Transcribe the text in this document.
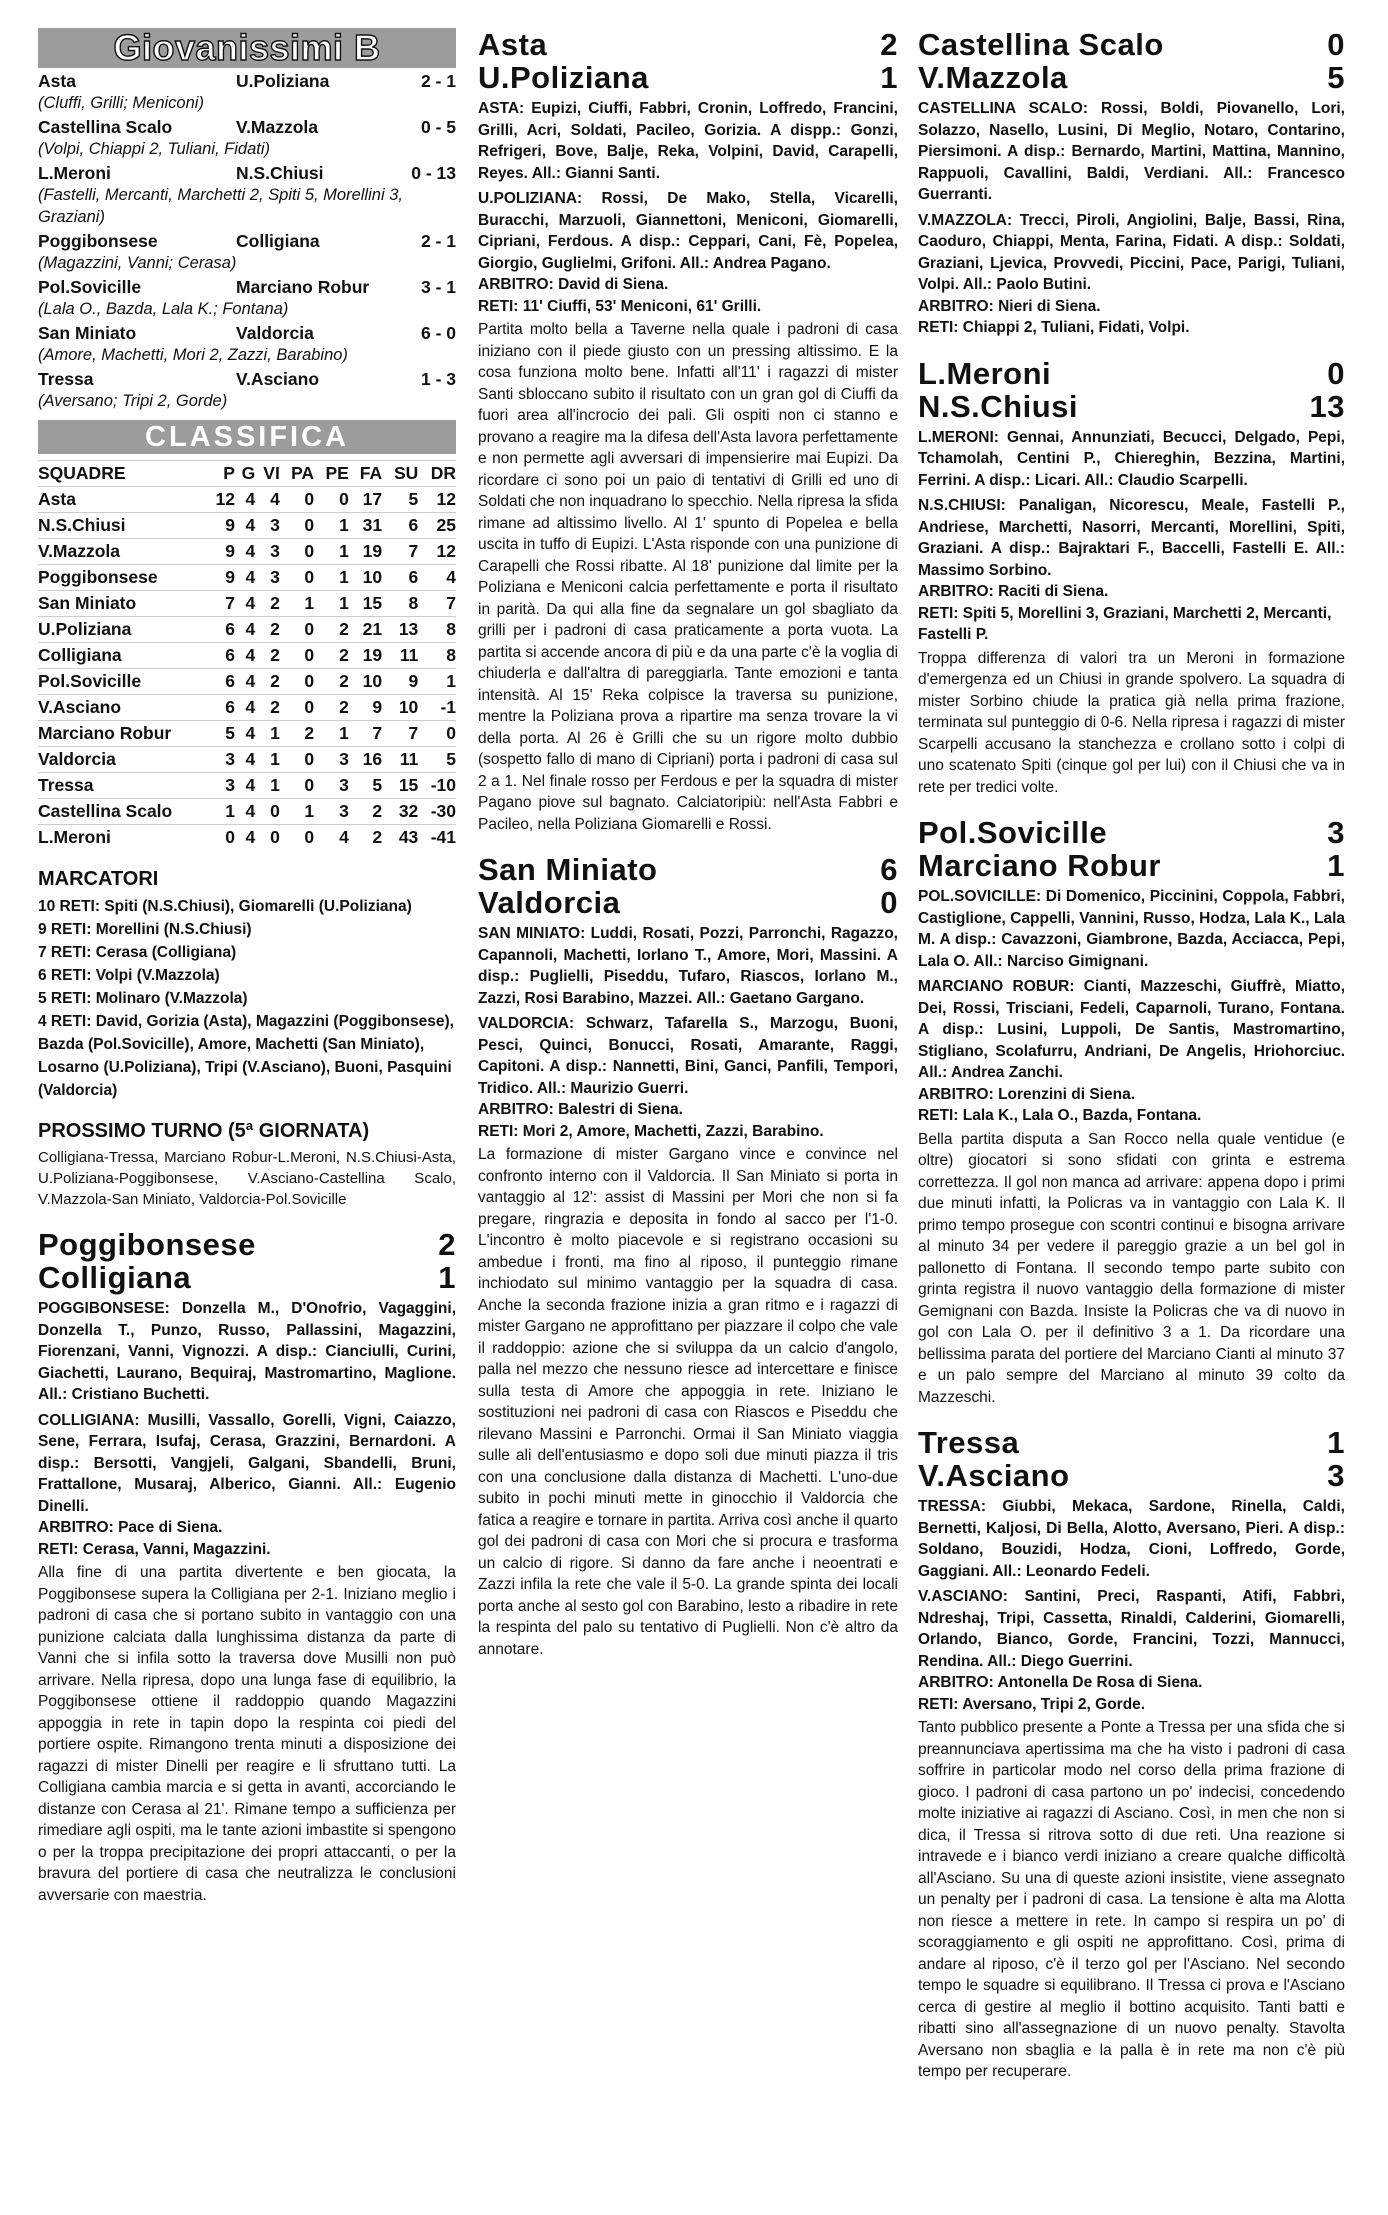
Giovanissimi B
Asta	U.Poliziana	2 - 1
(Cluffi, Grilli; Meniconi)
Castellina Scalo	V.Mazzola	0 - 5
(Volpi, Chiappi 2, Tuliani, Fidati)
L.Meroni	N.S.Chiusi	0 - 13
(Fastelli, Mercanti, Marchetti 2, Spiti 5, Morellini 3, Graziani)
Poggibonsese	Colligiana	2 - 1
(Magazzini, Vanni; Cerasa)
Pol.Sovicille	Marciano Robur	3 - 1
(Lala O., Bazda, Lala K.; Fontana)
San Miniato	Valdorcia	6 - 0
(Amore, Machetti, Mori 2, Zazzi, Barabino)
Tressa	V.Asciano	1 - 3
(Aversano; Tripi 2, Gorde)
CLASSIFICA
SQUADRE	P	G	VI	PA	PE	FA	SU	DR
Asta	12	4	4	0	0	17	5	12
N.S.Chiusi	9	4	3	0	1	31	6	25
V.Mazzola	9	4	3	0	1	19	7	12
Poggibonsese	9	4	3	0	1	10	6	4
San Miniato	7	4	2	1	1	15	8	7
U.Poliziana	6	4	2	0	2	21	13	8
Colligiana	6	4	2	0	2	19	11	8
Pol.Sovicille	6	4	2	0	2	10	9	1
V.Asciano	6	4	2	0	2	9	10	-1
Marciano Robur	5	4	1	2	1	7	7	0
Valdorcia	3	4	1	0	3	16	11	5
Tressa	3	4	1	0	3	5	15	-10
Castellina Scalo	1	4	0	1	3	2	32	-30
L.Meroni	0	4	0	0	4	2	43	-41
MARCATORI
10 RETI: Spiti (N.S.Chiusi), Giomarelli (U.Poliziana)
9 RETI: Morellini (N.S.Chiusi)
7 RETI: Cerasa (Colligiana)
6 RETI: Volpi (V.Mazzola)
5 RETI: Molinaro (V.Mazzola)
4 RETI: David, Gorizia (Asta), Magazzini (Poggibonsese), Bazda (Pol.Sovicille), Amore, Machetti (San Miniato), Losarno (U.Poliziana), Tripi (V.Asciano), Buoni, Pasquini (Valdorcia)
PROSSIMO TURNO (5ª GIORNATA)
Colligiana-Tressa, Marciano Robur-L.Meroni, N.S.Chiusi-Asta, U.Poliziana-Poggibonsese, V.Asciano-Castellina Scalo, V.Mazzola-San Miniato, Valdorcia-Pol.Sovicille
Poggibonsese	2
Colligiana	1
POGGIBONSESE: Donzella M., D'Onofrio, Vagaggini, Donzella T., Punzo, Russo, Pallassini, Magazzini, Fiorenzani, Vanni, Vignozzi. A disp.: Cianciulli, Curini, Giachetti, Laurano, Bequiraj, Mastromartino, Maglione. All.: Cristiano Buchetti.
COLLIGIANA: Musilli, Vassallo, Gorelli, Vigni, Caiazzo, Sene, Ferrara, Isufaj, Cerasa, Grazzini, Bernardoni. A disp.: Bersotti, Vangjeli, Galgani, Sbandelli, Bruni, Frattallone, Musaraj, Alberico, Gianni. All.: Eugenio Dinelli.
ARBITRO: Pace di Siena.
RETI: Cerasa, Vanni, Magazzini.
Alla fine di una partita divertente e ben giocata, la Poggibonsese supera la Colligiana per 2-1. Iniziano meglio i padroni di casa che si portano subito in vantaggio con una punizione calciata dalla lunghissima distanza da parte di Vanni che si infila sotto la traversa dove Musilli non può arrivare. Nella ripresa, dopo una lunga fase di equilibrio, la Poggibonsese ottiene il raddoppio quando Magazzini appoggia in rete in tapin dopo la respinta coi piedi del portiere ospite. Rimangono trenta minuti a disposizione dei ragazzi di mister Dinelli per reagire e li sfruttano tutti. La Colligiana cambia marcia e si getta in avanti, accorciando le distanze con Cerasa al 21'. Rimane tempo a sufficienza per rimediare agli ospiti, ma le tante azioni imbastite si spengono o per la troppa precipitazione dei propri attaccanti, o per la bravura del portiere di casa che neutralizza le conclusioni avversarie con maestria.
Asta	2
U.Poliziana	1
ASTA: Eupizi, Ciuffi, Fabbri, Cronin, Loffredo, Francini, Grilli, Acri, Soldati, Pacileo, Gorizia. A dispp.: Gonzi, Refrigeri, Bove, Balje, Reka, Volpini, David, Carapelli, Reyes. All.: Gianni Santi.
U.POLIZIANA: Rossi, De Mako, Stella, Vicarelli, Buracchi, Marzuoli, Giannettoni, Meniconi, Giomarelli, Cipriani, Ferdous. A disp.: Ceppari, Cani, Fè, Popelea, Giorgio, Guglielmi, Grifoni. All.: Andrea Pagano.
ARBITRO: David di Siena.
RETI: 11' Ciuffi, 53' Meniconi, 61' Grilli.
Partita molto bella a Taverne nella quale i padroni di casa iniziano con il piede giusto con un pressing altissimo. E la cosa funziona molto bene. Infatti all'11' i ragazzi di mister Santi sbloccano subito il risultato con un gran gol di Ciuffi da fuori area all'incrocio dei pali. Gli ospiti non ci stanno e provano a reagire ma la difesa dell'Asta lavora perfettamente e non permette agli avversari di impensierire mai Eupizi. Da ricordare ci sono poi un paio di tentativi di Grilli ed uno di Soldati che non inquadrano lo specchio. Nella ripresa la sfida rimane ad altissimo livello. Al 1' spunto di Popelea e bella uscita in tuffo di Eupizi. L'Asta risponde con una punizione di Carapelli che Rossi ribatte. Al 18' punizione dal limite per la Poliziana e Meniconi calcia perfettamente e porta il risultato in parità. Da qui alla fine da segnalare un gol sbagliato da grilli per i padroni di casa praticamente a porta vuota. La partita si accende ancora di più e da una parte c'è la voglia di chiuderla e dall'altra di pareggiarla. Tante emozioni e tanta intensità. Al 15' Reka colpisce la traversa su punizione, mentre la Poliziana prova a ripartire ma senza trovare la vi della porta. Al 26 è Grilli che su un rigore molto dubbio (sospetto fallo di mano di Cipriani) porta i padroni di casa sul 2 a 1. Nel finale rosso per Ferdous e per la squadra di mister Pagano piove sul bagnato. Calciatoripiù: nell'Asta Fabbri e Pacileo, nella Poliziana Giomarelli e Rossi.
San Miniato	6
Valdorcia	0
SAN MINIATO: Luddi, Rosati, Pozzi, Parronchi, Ragazzo, Capannoli, Machetti, Iorlano T., Amore, Mori, Massini. A disp.: Puglielli, Piseddu, Tufaro, Riascos, Iorlano M., Zazzi, Rosi Barabino, Mazzei. All.: Gaetano Gargano.
VALDORCIA: Schwarz, Tafarella S., Marzogu, Buoni, Pesci, Quinci, Bonucci, Rosati, Amarante, Raggi, Capitoni. A disp.: Nannetti, Bini, Ganci, Panfili, Tempori, Tridico. All.: Maurizio Guerri.
ARBITRO: Balestri di Siena.
RETI: Mori 2, Amore, Machetti, Zazzi, Barabino.
La formazione di mister Gargano vince e convince nel confronto interno con il Valdorcia. Il San Miniato si porta in vantaggio al 12': assist di Massini per Mori che non si fa pregare, ringrazia e deposita in fondo al sacco per l'1-0. L'incontro è molto piacevole e si registrano occasioni su ambedue i fronti, ma fino al riposo, il punteggio rimane inchiodato sul minimo vantaggio per la squadra di casa. Anche la seconda frazione inizia a gran ritmo e i ragazzi di mister Gargano ne approfittano per piazzare il colpo che vale il raddoppio: azione che si sviluppa da un calcio d'angolo, palla nel mezzo che nessuno riesce ad intercettare e finisce sulla testa di Amore che appoggia in rete. Iniziano le sostituzioni nei padroni di casa con Riascos e Piseddu che rilevano Massini e Parronchi. Ormai il San Miniato viaggia sulle ali dell'entusiasmo e dopo soli due minuti piazza il tris con una conclusione dalla distanza di Machetti. L'uno-due subito in pochi minuti mette in ginocchio il Valdorcia che fatica a reagire e tornare in partita. Arriva così anche il quarto gol dei padroni di casa con Mori che si procura e trasforma un calcio di rigore. Si danno da fare anche i neoentrati e Zazzi infila la rete che vale il 5-0. La grande spinta dei locali porta anche al sesto gol con Barabino, lesto a ribadire in rete la respinta del palo su tentativo di Puglielli. Non c'è altro da annotare.
Castellina Scalo	0
V.Mazzola	5
CASTELLINA SCALO: Rossi, Boldi, Piovanello, Lori, Solazzo, Nasello, Lusini, Di Meglio, Notaro, Contarino, Piersimoni. A disp.: Bernardo, Martini, Mattina, Mannino, Rappuoli, Cavallini, Baldi, Verdiani. All.: Francesco Guerranti.
V.MAZZOLA: Trecci, Piroli, Angiolini, Balje, Bassi, Rina, Caoduro, Chiappi, Menta, Farina, Fidati. A disp.: Soldati, Graziani, Ljevica, Provvedi, Piccini, Pace, Parigi, Tuliani, Volpi. All.: Paolo Butini.
ARBITRO: Nieri di Siena.
RETI: Chiappi 2, Tuliani, Fidati, Volpi.
L.Meroni	0
N.S.Chiusi	13
L.MERONI: Gennai, Annunziati, Becucci, Delgado, Pepi, Tchamolah, Centini P., Chiereghin, Bezzina, Martini, Ferrini. A disp.: Licari. All.: Claudio Scarpelli.
N.S.CHIUSI: Panaligan, Nicorescu, Meale, Fastelli P., Andriese, Marchetti, Nasorri, Mercanti, Morellini, Spiti, Graziani. A disp.: Bajraktari F., Baccelli, Fastelli E. All.: Massimo Sorbino.
ARBITRO: Raciti di Siena.
RETI: Spiti 5, Morellini 3, Graziani, Marchetti 2, Mercanti, Fastelli P.
Troppa differenza di valori tra un Meroni in formazione d'emergenza ed un Chiusi in grande spolvero. La squadra di mister Sorbino chiude la pratica già nella prima frazione, terminata sul punteggio di 0-6. Nella ripresa i ragazzi di mister Scarpelli accusano la stanchezza e crollano sotto i colpi di uno scatenato Spiti (cinque gol per lui) con il Chiusi che va in rete per tredici volte.
Pol.Sovicille	3
Marciano Robur	1
POL.SOVICILLE: Di Domenico, Piccinini, Coppola, Fabbri, Castiglione, Cappelli, Vannini, Russo, Hodza, Lala K., Lala M. A disp.: Cavazzoni, Giambrone, Bazda, Acciacca, Pepi, Lala O. All.: Narciso Gimignani.
MARCIANO ROBUR: Cianti, Mazzeschi, Giuffrè, Miatto, Dei, Rossi, Trisciani, Fedeli, Caparnoli, Turano, Fontana. A disp.: Lusini, Luppoli, De Santis, Mastromartino, Stigliano, Scolafurru, Andriani, De Angelis, Hriohorciuc. All.: Andrea Zanchi.
ARBITRO: Lorenzini di Siena.
RETI: Lala K., Lala O., Bazda, Fontana.
Bella partita disputa a San Rocco nella quale ventidue (e oltre) giocatori si sono sfidati con grinta e estrema correttezza. Il gol non manca ad arrivare: appena dopo i primi due minuti infatti, la Policras va in vantaggio con Lala K. Il primo tempo prosegue con scontri continui e bisogna arrivare al minuto 34 per vedere il pareggio grazie a un bel gol in pallonetto di Fontana. Il secondo tempo parte subito con grinta registra il nuovo vantaggio della formazione di mister Gemignani con Bazda. Insiste la Policras che va di nuovo in gol con Lala O. per il definitivo 3 a 1. Da ricordare una bellissima parata del portiere del Marciano Cianti al minuto 37 e un palo sempre del Marciano al minuto 39 colto da Mazzeschi.
Tressa	1
V.Asciano	3
TRESSA: Giubbi, Mekaca, Sardone, Rinella, Caldi, Bernetti, Kaljosi, Di Bella, Alotto, Aversano, Pieri. A disp.: Soldano, Bouzidi, Hodza, Cioni, Loffredo, Gorde, Gaggiani. All.: Leonardo Fedeli.
V.ASCIANO: Santini, Preci, Raspanti, Atifi, Fabbri, Ndreshaj, Tripi, Cassetta, Rinaldi, Calderini, Giomarelli, Orlando, Bianco, Gorde, Francini, Tozzi, Mannucci, Rendina. All.: Diego Guerrini.
ARBITRO: Antonella De Rosa di Siena.
RETI: Aversano, Tripi 2, Gorde.
Tanto pubblico presente a Ponte a Tressa per una sfida che si preannunciava apertissima ma che ha visto i padroni di casa soffrire in particolar modo nel corso della prima frazione di gioco. I padroni di casa partono un po' indecisi, concedendo molte iniziative ai ragazzi di Asciano. Così, in men che non si dica, il Tressa si ritrova sotto di due reti. Una reazione si intravede e i bianco verdi iniziano a creare qualche difficoltà all'Asciano. Su una di queste azioni insistite, viene assegnato un penalty per i padroni di casa. La tensione è alta ma Alotta non riesce a mettere in rete. In campo si respira un po' di scoraggiamento e gli ospiti ne approfittano. Così, prima di andare al riposo, c'è il terzo gol per l'Asciano. Nel secondo tempo le squadre si equilibrano. Il Tressa ci prova e l'Asciano cerca di gestire al meglio il bottino acquisito. Tanti batti e ribatti sino all'assegnazione di un nuovo penalty. Stavolta Aversano non sbaglia e la palla è in rete ma non c'è più tempo per recuperare.
